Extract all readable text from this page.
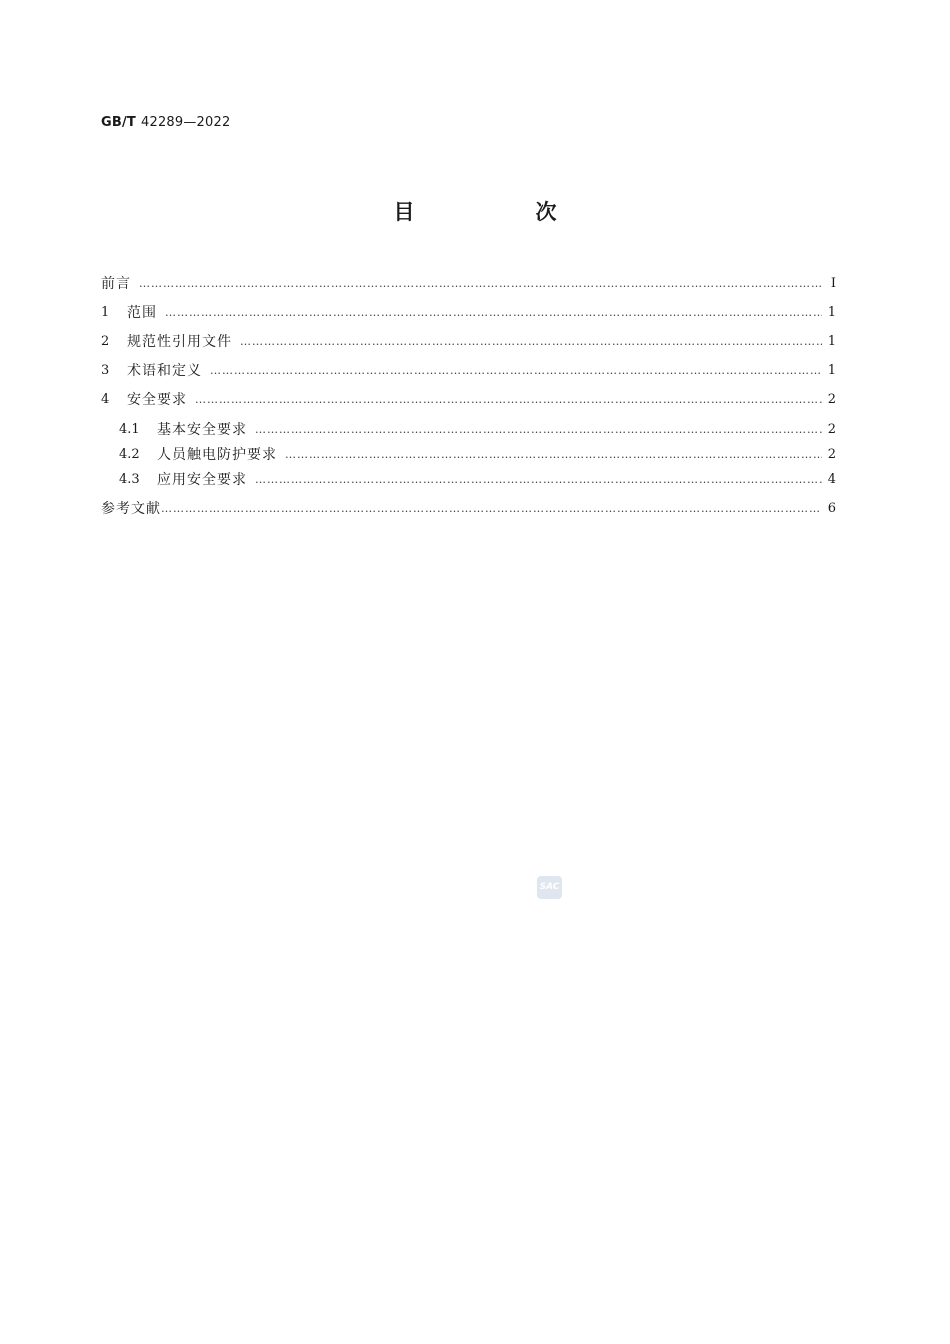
GB/T 42289—2022
目　次
前言 ……………………………………………………………………………………………………………………………………………………………………………………………………………………	Ⅰ
1	范围 ……………………………………………………………………………………………………………………………………………………………………………………………………………………	1
2	规范性引用文件 ……………………………………………………………………………………………………………………………………………………………………………………………………………………	1
3	术语和定义 ……………………………………………………………………………………………………………………………………………………………………………………………………………………	1
4	安全要求 ……………………………………………………………………………………………………………………………………………………………………………………………………………………	2
4.1	基本安全要求 ……………………………………………………………………………………………………………………………………………………………………………………………………………………	2
4.2	人员触电防护要求 ……………………………………………………………………………………………………………………………………………………………………………………………………………………	2
4.3	应用安全要求 ……………………………………………………………………………………………………………………………………………………………………………………………………………………	4
参考文献 ……………………………………………………………………………………………………………………………………………………………………………………………………………………	6
SAC
